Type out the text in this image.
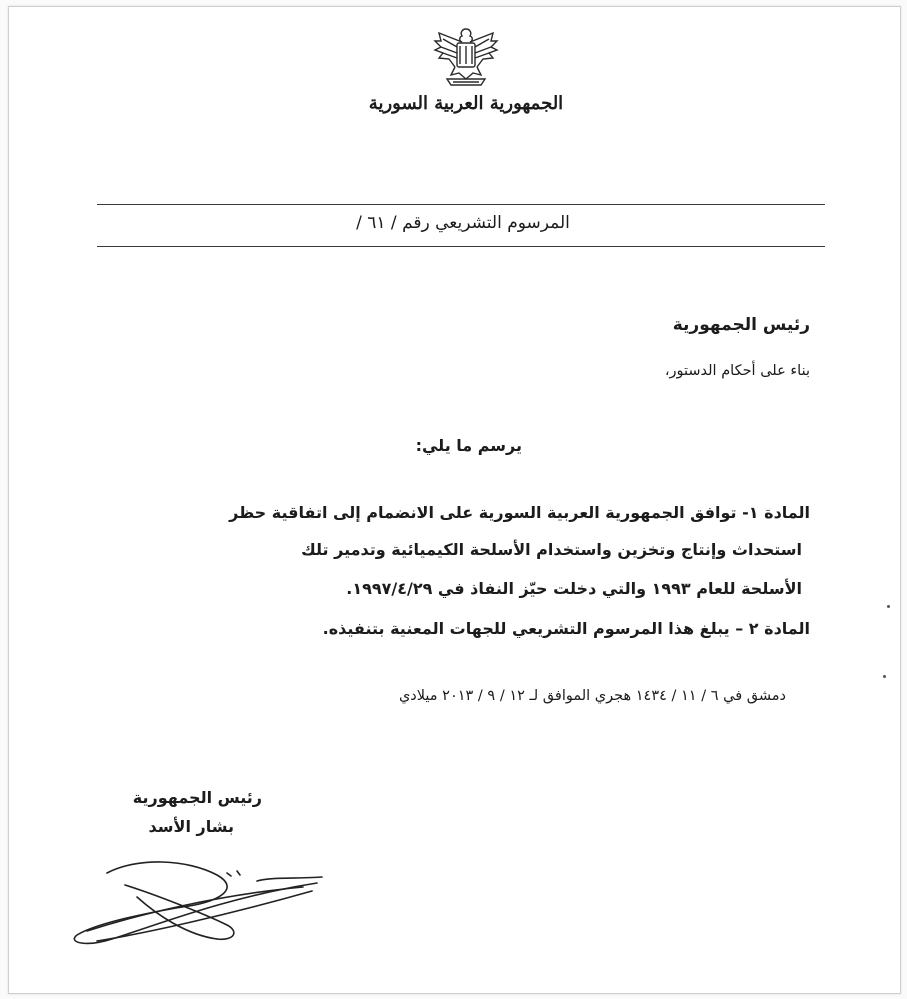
الجمهورية العربية السورية
المرسوم التشريعي رقم / ٦١ /
رئيس الجمهورية
بناء على أحكام الدستور،
يرسم ما يلي:
المادة ١- توافق الجمهورية العربية السورية على الانضمام إلى اتفاقية حظر
استحداث وإنتاج وتخزين واستخدام الأسلحة الكيميائية وتدمير تلك
الأسلحة للعام ١٩٩٣ والتي دخلت حيّز النفاذ في ١٩٩٧/٤/٢٩.
المادة ٢ – يبلغ هذا المرسوم التشريعي للجهات المعنية بتنفيذه.
دمشق في ٦ / ١١ / ١٤٣٤ هجري الموافق لـ ١٢ / ٩ / ٢٠١٣ ميلادي
رئيس الجمهورية
بشار الأسد
